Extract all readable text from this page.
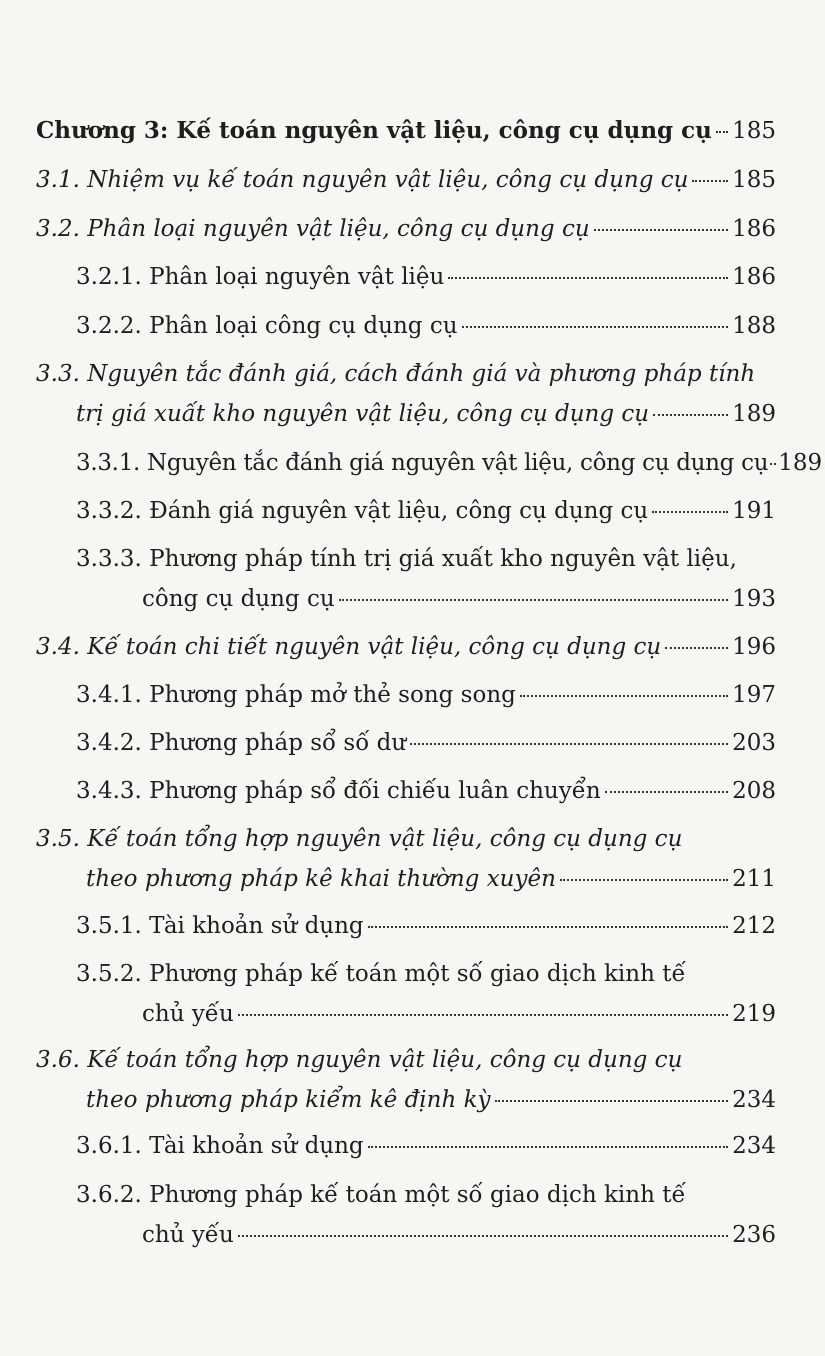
Chương 3: Kế toán nguyên vật liệu, công cụ dụng cụ 185
3.1. Nhiệm vụ kế toán nguyên vật liệu, công cụ dụng cụ 185
3.2. Phân loại nguyên vật liệu, công cụ dụng cụ	186
3.2.1. Phân loại nguyên vật liệu	186
3.2.2. Phân loại công cụ dụng cụ	188
3.3. Nguyên tắc đánh giá, cách đánh giá và phương pháp tính
trị giá xuất kho nguyên vật liệu, công cụ dụng cụ	189
3.3.1. Nguyên tắc đánh giá nguyên vật liệu, công cụ dụng cụ 189
3.3.2. Đánh giá nguyên vật liệu, công cụ dụng cụ	191
3.3.3. Phương pháp tính trị giá xuất kho nguyên vật liệu,
công cụ dụng cụ	193
3.4. Kế toán chi tiết nguyên vật liệu, công cụ dụng cụ	196
3.4.1. Phương pháp mở thẻ song song	197
3.4.2. Phương pháp sổ số dư	203
3.4.3. Phương pháp sổ đối chiếu luân chuyển	208
3.5. Kế toán tổng hợp nguyên vật liệu, công cụ dụng cụ
theo phương pháp kê khai thường xuyên	211
3.5.1. Tài khoản sử dụng	212
3.5.2. Phương pháp kế toán một số giao dịch kinh tế
chủ yếu	219
3.6. Kế toán tổng hợp nguyên vật liệu, công cụ dụng cụ
theo phương pháp kiểm kê định kỳ	234
3.6.1. Tài khoản sử dụng	234
3.6.2. Phương pháp kế toán một số giao dịch kinh tế
chủ yếu	236
